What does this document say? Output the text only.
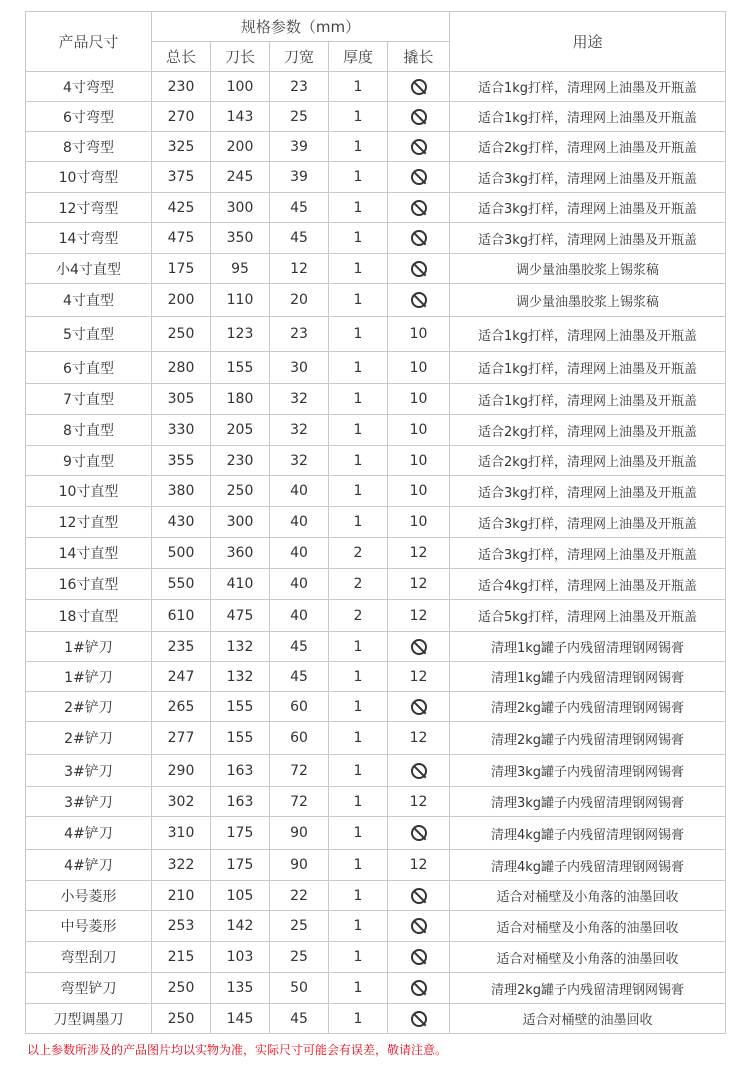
产品尺寸	规格参数（mm）					用途
	总长	刀长	刀宽	厚度	撬长	
4寸弯型	230	100	23	1		适合1kg打样，清理网上油墨及开瓶盖
6寸弯型	270	143	25	1		适合1kg打样，清理网上油墨及开瓶盖
8寸弯型	325	200	39	1		适合2kg打样，清理网上油墨及开瓶盖
10寸弯型	375	245	39	1		适合3kg打样，清理网上油墨及开瓶盖
12寸弯型	425	300	45	1		适合3kg打样，清理网上油墨及开瓶盖
14寸弯型	475	350	45	1		适合3kg打样，清理网上油墨及开瓶盖
小4寸直型	175	95	12	1		调少量油墨胶浆上锡浆稿
4寸直型	200	110	20	1		调少量油墨胶浆上锡浆稿
5寸直型	250	123	23	1	10	适合1kg打样，清理网上油墨及开瓶盖
6寸直型	280	155	30	1	10	适合1kg打样，清理网上油墨及开瓶盖
7寸直型	305	180	32	1	10	适合1kg打样，清理网上油墨及开瓶盖
8寸直型	330	205	32	1	10	适合2kg打样，清理网上油墨及开瓶盖
9寸直型	355	230	32	1	10	适合2kg打样，清理网上油墨及开瓶盖
10寸直型	380	250	40	1	10	适合3kg打样，清理网上油墨及开瓶盖
12寸直型	430	300	40	1	10	适合3kg打样，清理网上油墨及开瓶盖
14寸直型	500	360	40	2	12	适合3kg打样，清理网上油墨及开瓶盖
16寸直型	550	410	40	2	12	适合4kg打样，清理网上油墨及开瓶盖
18寸直型	610	475	40	2	12	适合5kg打样，清理网上油墨及开瓶盖
1#铲刀	235	132	45	1		清理1kg罐子内残留清理钢网锡膏
1#铲刀	247	132	45	1	12	清理1kg罐子内残留清理钢网锡膏
2#铲刀	265	155	60	1		清理2kg罐子内残留清理钢网锡膏
2#铲刀	277	155	60	1	12	清理2kg罐子内残留清理钢网锡膏
3#铲刀	290	163	72	1		清理3kg罐子内残留清理钢网锡膏
3#铲刀	302	163	72	1	12	清理3kg罐子内残留清理钢网锡膏
4#铲刀	310	175	90	1		清理4kg罐子内残留清理钢网锡膏
4#铲刀	322	175	90	1	12	清理4kg罐子内残留清理钢网锡膏
小号菱形	210	105	22	1		适合对桶壁及小角落的油墨回收
中号菱形	253	142	25	1		适合对桶壁及小角落的油墨回收
弯型刮刀	215	103	25	1		适合对桶壁及小角落的油墨回收
弯型铲刀	250	135	50	1		清理2kg罐子内残留清理钢网锡膏
刀型调墨刀	250	145	45	1		适合对桶壁的油墨回收
以上参数所涉及的产品图片均以实物为准，实际尺寸可能会有误差，敬请注意。
